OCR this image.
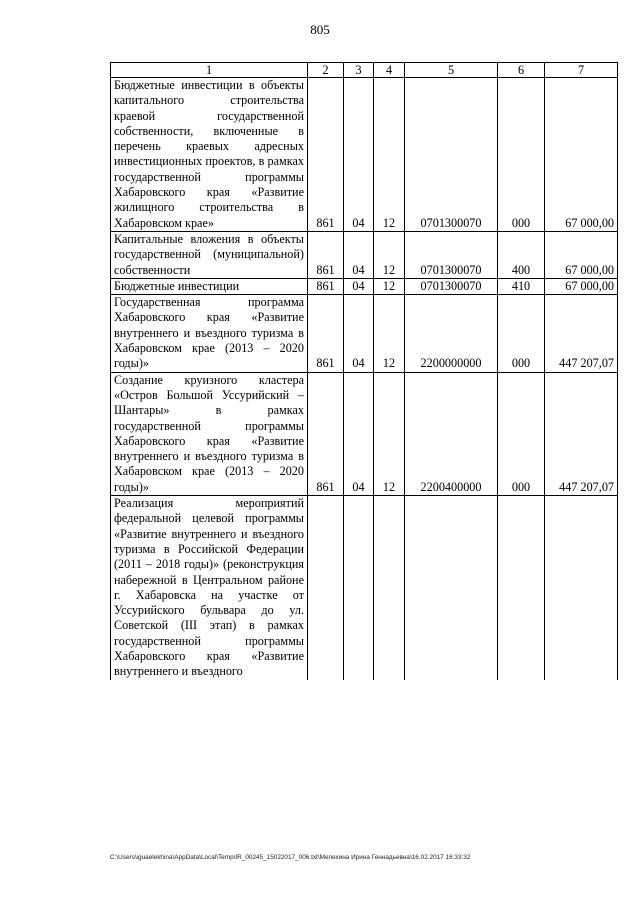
805
1	2	3	4	5	6	7
Бюджетные инвестиции в объекты капитального строительства краевой государственной собственности, включенные в перечень краевых адресных инвестиционных проектов, в рамках государственной программы Хабаровского края «Развитие жилищного строительства в Хабаровском крае»	861	04	12	0701300070	000	67 000,00
Капитальные вложения в объекты государственной (муниципальной) собственности	861	04	12	0701300070	400	67 000,00
Бюджетные инвестиции	861	04	12	0701300070	410	67 000,00
Государственная программа Хабаровского края «Развитие внутреннего и въездного туризма в Хабаровском крае (2013 – 2020 годы)»	861	04	12	2200000000	000	447 207,07
Создание круизного кластера «Остров Большой Уссурийский – Шантары» в рамках государственной программы Хабаровского края «Развитие внутреннего и въездного туризма в Хабаровском крае (2013 – 2020 годы)»	861	04	12	2200400000	000	447 207,07
Реализация мероприятий федеральной целевой программы «Развитие внутреннего и въездного туризма в Российской Федерации (2011 – 2018 годы)» (реконструкция набережной в Центральном районе г. Хабаровска на участке от Уссурийского бульвара до ул. Советской (III этап) в рамках государственной программы Хабаровского края «Развитие внутреннего и въездного						
C:\Users\iguaelekhina\AppData\Local\Temp\IR_00245_15022017_006.txt\Мелехина Ирина Геннадьевна\16.02.2017 16:33:32
